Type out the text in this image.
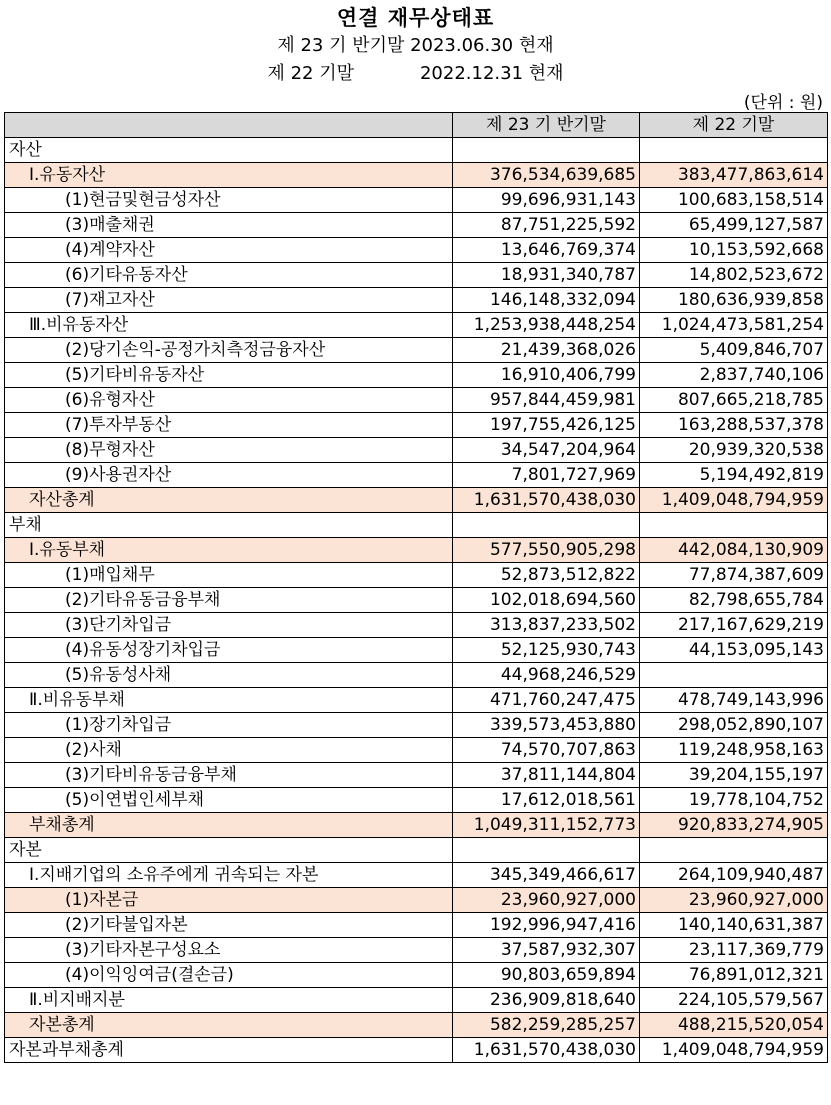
연결 재무상태표
제 23 기 반기말 2023.06.30 현재
제 22 기말	2022.12.31 현재
(단위 : 원)
	제 23 기 반기말	제 22 기말
자산		
Ⅰ.유동자산	376,534,639,685	383,477,863,614
(1)현금및현금성자산	99,696,931,143	100,683,158,514
(3)매출채권	87,751,225,592	65,499,127,587
(4)계약자산	13,646,769,374	10,153,592,668
(6)기타유동자산	18,931,340,787	14,802,523,672
(7)재고자산	146,148,332,094	180,636,939,858
Ⅲ.비유동자산	1,253,938,448,254	1,024,473,581,254
(2)당기손익-공정가치측정금융자산	21,439,368,026	5,409,846,707
(5)기타비유동자산	16,910,406,799	2,837,740,106
(6)유형자산	957,844,459,981	807,665,218,785
(7)투자부동산	197,755,426,125	163,288,537,378
(8)무형자산	34,547,204,964	20,939,320,538
(9)사용권자산	7,801,727,969	5,194,492,819
자산총계	1,631,570,438,030	1,409,048,794,959
부채		
Ⅰ.유동부채	577,550,905,298	442,084,130,909
(1)매입채무	52,873,512,822	77,874,387,609
(2)기타유동금융부채	102,018,694,560	82,798,655,784
(3)단기차입금	313,837,233,502	217,167,629,219
(4)유동성장기차입금	52,125,930,743	44,153,095,143
(5)유동성사채	44,968,246,529	
Ⅱ.비유동부채	471,760,247,475	478,749,143,996
(1)장기차입금	339,573,453,880	298,052,890,107
(2)사채	74,570,707,863	119,248,958,163
(3)기타비유동금융부채	37,811,144,804	39,204,155,197
(5)이연법인세부채	17,612,018,561	19,778,104,752
부채총계	1,049,311,152,773	920,833,274,905
자본		
Ⅰ.지배기업의 소유주에게 귀속되는 자본	345,349,466,617	264,109,940,487
(1)자본금	23,960,927,000	23,960,927,000
(2)기타불입자본	192,996,947,416	140,140,631,387
(3)기타자본구성요소	37,587,932,307	23,117,369,779
(4)이익잉여금(결손금)	90,803,659,894	76,891,012,321
Ⅱ.비지배지분	236,909,818,640	224,105,579,567
자본총계	582,259,285,257	488,215,520,054
자본과부채총계	1,631,570,438,030	1,409,048,794,959
